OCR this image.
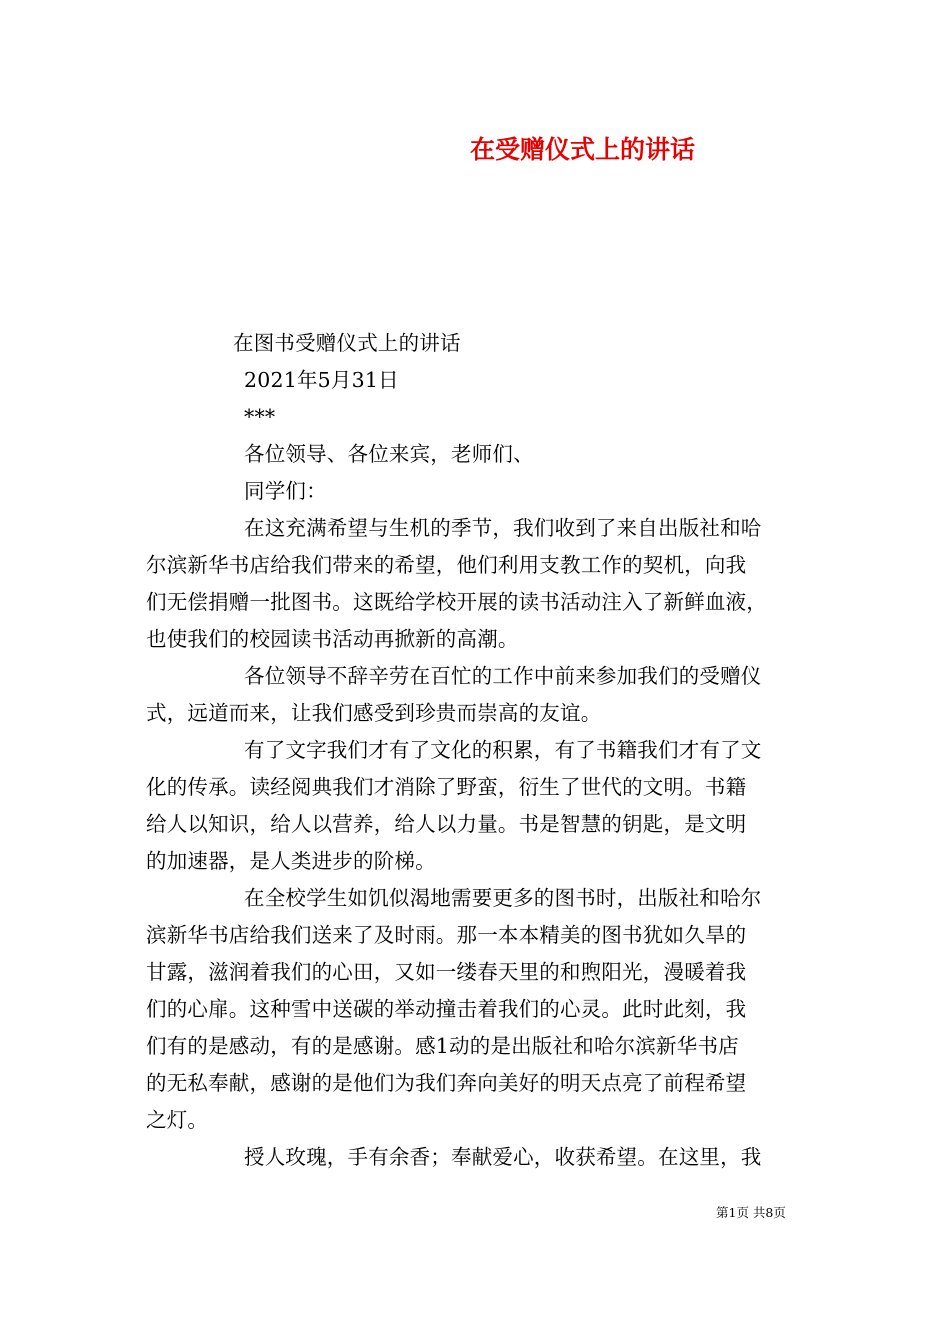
在受赠仪式上的讲话
在图书受赠仪式上的讲话
2021年5月31日
***
各位领导、各位来宾，老师们、
同学们：
在这充满希望与生机的季节，我们收到了来自出版社和哈
尔滨新华书店给我们带来的希望，他们利用支教工作的契机，向我
们无偿捐赠一批图书。这既给学校开展的读书活动注入了新鲜血液，
也使我们的校园读书活动再掀新的高潮。
各位领导不辞辛劳在百忙的工作中前来参加我们的受赠仪
式，远道而来，让我们感受到珍贵而崇高的友谊。
有了文字我们才有了文化的积累，有了书籍我们才有了文
化的传承。读经阅典我们才消除了野蛮，衍生了世代的文明。书籍
给人以知识，给人以营养，给人以力量。书是智慧的钥匙，是文明
的加速器，是人类进步的阶梯。
在全校学生如饥似渴地需要更多的图书时，出版社和哈尔
滨新华书店给我们送来了及时雨。那一本本精美的图书犹如久旱的
甘露，滋润着我们的心田，又如一缕春天里的和煦阳光，漫暖着我
们的心扉。这种雪中送碳的举动撞击着我们的心灵。此时此刻，我
们有的是感动，有的是感谢。感1动的是出版社和哈尔滨新华书店
的无私奉献，感谢的是他们为我们奔向美好的明天点亮了前程希望
之灯。
授人玫瑰，手有余香；奉献爱心，收获希望。在这里，我
第1页 共8页
